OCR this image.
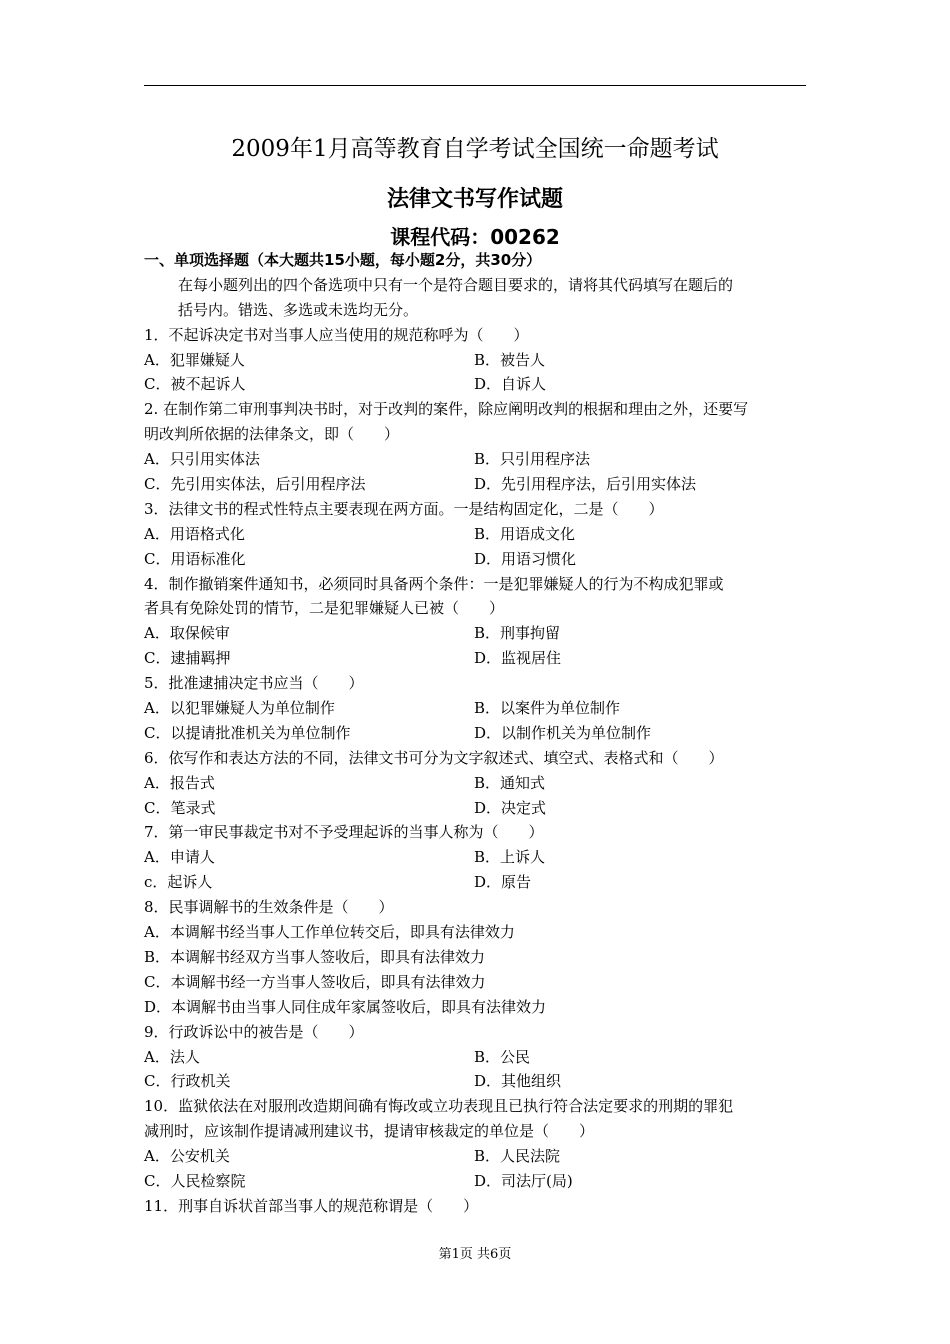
2009年1月高等教育自学考试全国统一命题考试
法律文书写作试题
课程代码：00262
一、单项选择题（本大题共15小题，每小题2分，共30分）
在每小题列出的四个备选项中只有一个是符合题目要求的，请将其代码填写在题后的
括号内。错选、多选或未选均无分。
1．不起诉决定书对当事人应当使用的规范称呼为（　　）
A．犯罪嫌疑人	B．被告人
C．被不起诉人	D．自诉人
2. 在制作第二审刑事判决书时，对于改判的案件，除应阐明改判的根据和理由之外，还要写
明改判所依据的法律条文，即（　　）
A．只引用实体法	B．只引用程序法
C．先引用实体法，后引用程序法	D．先引用程序法，后引用实体法
3．法律文书的程式性特点主要表现在两方面。一是结构固定化，二是（　　）
A．用语格式化	B．用语成文化
C．用语标准化	D．用语习惯化
4．制作撤销案件通知书，必须同时具备两个条件：一是犯罪嫌疑人的行为不构成犯罪或
者具有免除处罚的情节，二是犯罪嫌疑人已被（　　）
A．取保候审	B．刑事拘留
C．逮捕羁押	D．监视居住
5．批准逮捕决定书应当（　　）
A．以犯罪嫌疑人为单位制作	B．以案件为单位制作
C．以提请批准机关为单位制作	D．以制作机关为单位制作
6．依写作和表达方法的不同，法律文书可分为文字叙述式、填空式、表格式和（　　）
A．报告式	B．通知式
C．笔录式	D．决定式
7．第一审民事裁定书对不予受理起诉的当事人称为（　　）
A．申请人	B．上诉人
c．起诉人	D．原告
8．民事调解书的生效条件是（　　）
A．本调解书经当事人工作单位转交后，即具有法律效力
B．本调解书经双方当事人签收后，即具有法律效力
C．本调解书经一方当事人签收后，即具有法律效力
D．本调解书由当事人同住成年家属签收后，即具有法律效力
9．行政诉讼中的被告是（　　）
A．法人	B．公民
C．行政机关	D．其他组织
10．监狱依法在对服刑改造期间确有悔改或立功表现且已执行符合法定要求的刑期的罪犯
减刑时，应该制作提请减刑建议书，提请审核裁定的单位是（　　）
A．公安机关	B．人民法院
C．人民检察院	D．司法厅(局)
11．刑事自诉状首部当事人的规范称谓是（　　）
第1页 共6页
